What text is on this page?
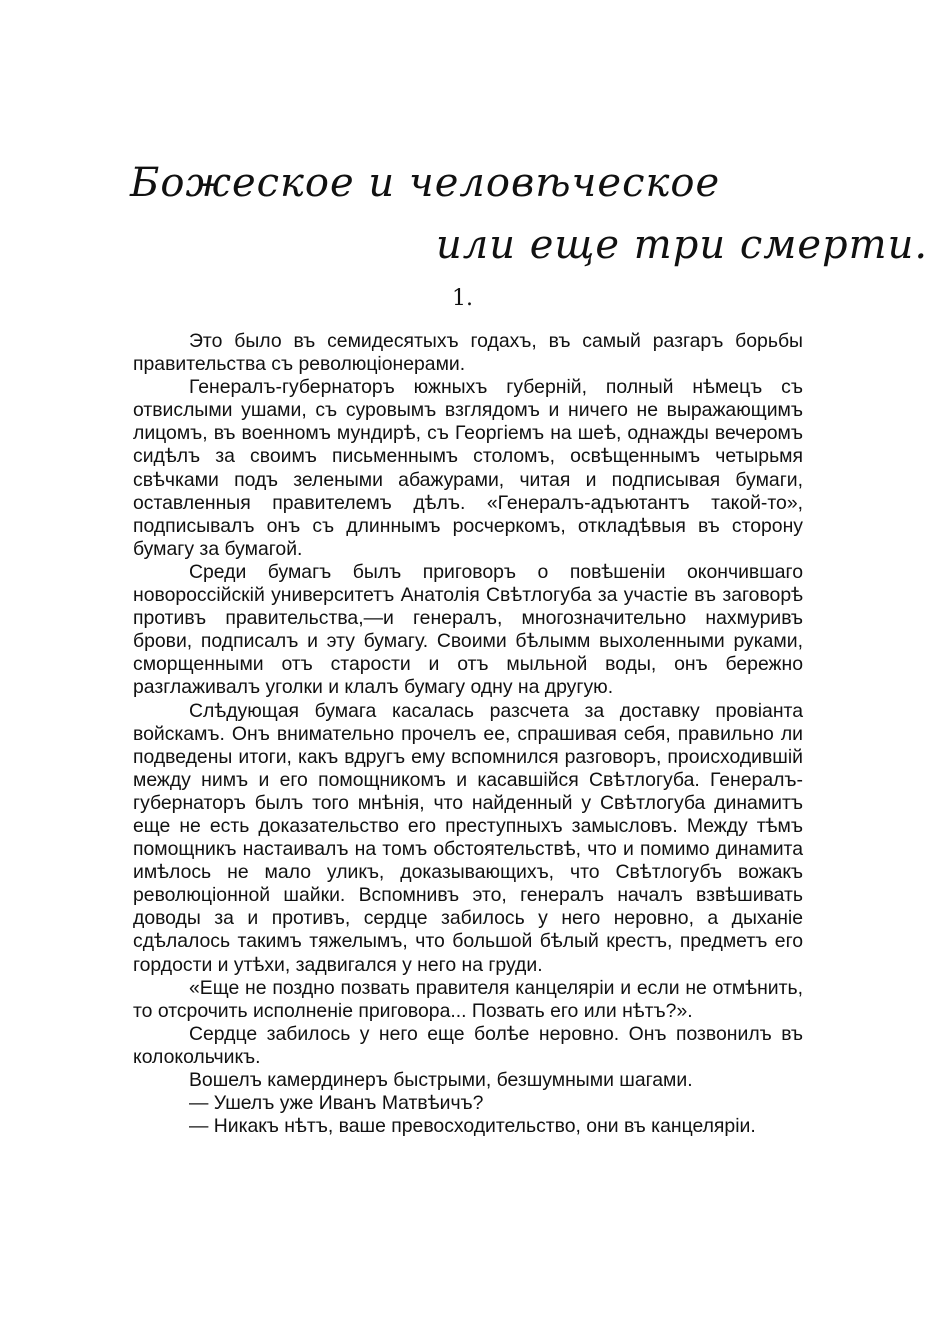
Божеское и человѣческое
или еще три смерти.
1.

Это было въ семидесятыхъ годахъ, въ самый разгаръ борьбы правительства съ революціонерами.

Генералъ-губернаторъ южныхъ губерній, полный нѣмецъ съ отвислыми ушами, съ суровымъ взглядомъ и ничего не выражающимъ лицомъ, въ военномъ мундирѣ, съ Георгіемъ на шеѣ, однажды вечеромъ сидѣлъ за своимъ письменнымъ столомъ, освѣщеннымъ четырьмя свѣчками подъ зелеными абажурами, читая и подписывая бумаги, оставленныя правителемъ дѣлъ. «Генералъ-адъютантъ такой-то», подписывалъ онъ съ длиннымъ росчеркомъ, откладѣвыя въ сторону бумагу за бумагой.

Среди бумагъ былъ приговоръ о повѣшеніи окончившаго новороссійскій университетъ Анатолія Свѣтлогуба за участіе въ заговорѣ противъ правительства,—и генералъ, многозначительно нахмуривъ брови, подписалъ и эту бумагу. Своими бѣлымм выхоленными руками, сморщенными отъ старости и отъ мыльной воды, онъ бережно разглаживалъ уголки и клалъ бумагу одну на другую.

Слѣдующая бумага касалась разсчета за доставку провіанта войскамъ. Онъ внимательно прочелъ ее, спрашивая себя, правильно ли подведены итоги, какъ вдругъ ему вспомнился разговоръ, происходившій между нимъ и его помощникомъ и касавшійся Свѣтлогуба. Генералъ-губернаторъ былъ того мнѣнія, что найденный у Свѣтлогуба динамитъ еще не есть доказательство его преступныхъ замысловъ. Между тѣмъ помощникъ настаивалъ на томъ обстоятельствѣ, что и помимо динамита имѣлось не мало уликъ, доказывающихъ, что Свѣтлогубъ вожакъ революціонной шайки. Вспомнивъ это, генералъ началъ взвѣшивать доводы за и противъ, сердце забилось у него неровно, а дыханіе сдѣлалось такимъ тяжелымъ, что большой бѣлый крестъ, предметъ его гордости и утѣхи, задвигался у него на груди.

«Еще не поздно позвать правителя канцеляріи и если не отмѣнить, то отсрочить исполненіе приговора... Позвать его или нѣтъ?».

Сердце забилось у него еще болѣе неровно. Онъ позвонилъ въ колокольчикъ.

Вошелъ камердинеръ быстрыми, безшумными шагами.

— Ушелъ уже Иванъ Матвѣичъ?

— Никакъ нѣтъ, ваше превосходительство, они въ канцеляріи.
